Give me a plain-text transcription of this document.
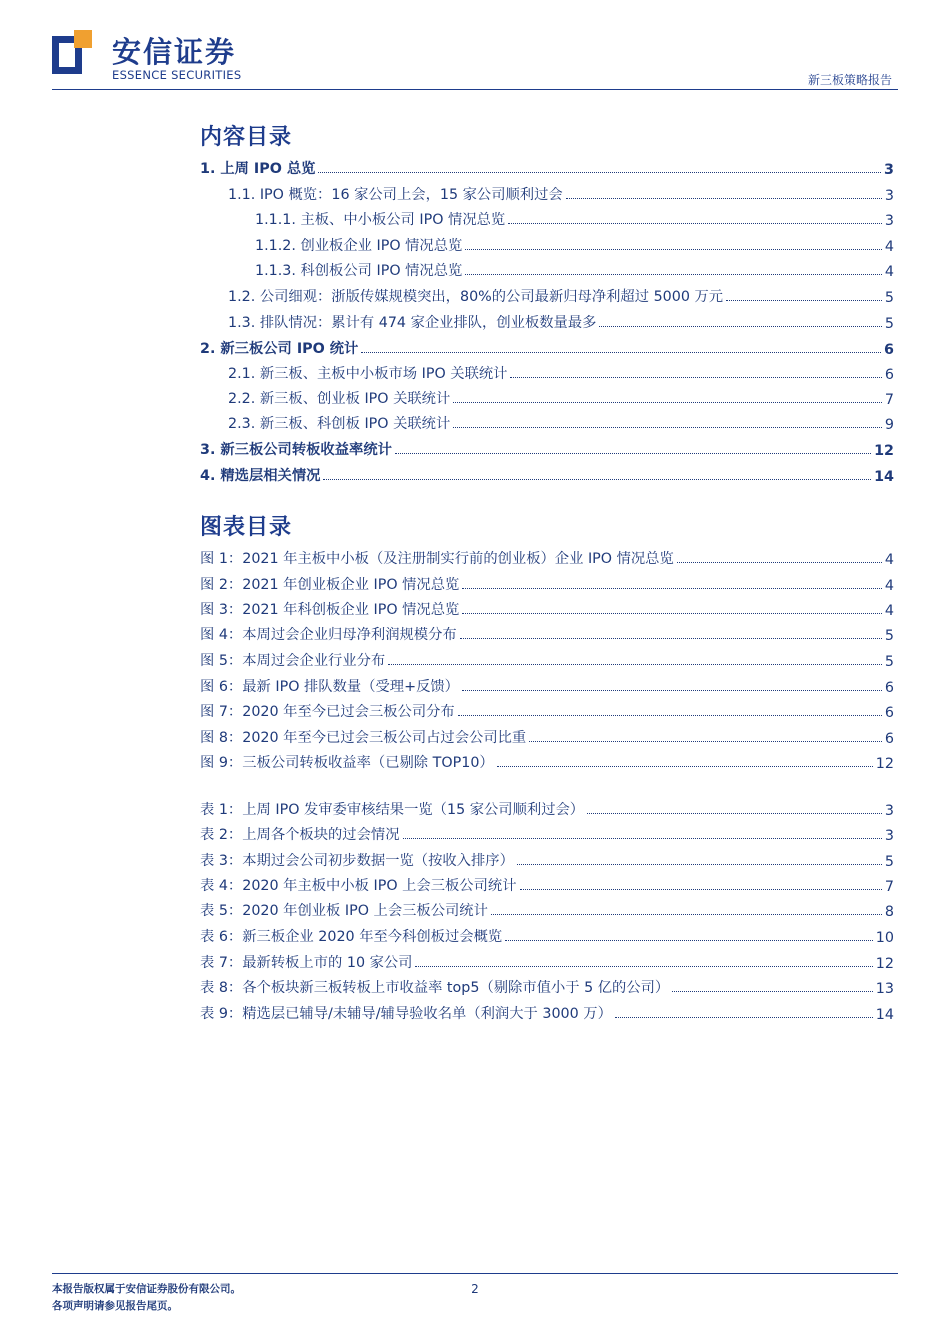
安信证券
ESSENCE SECURITIES	新三板策略报告
内容目录
1. 上周 IPO 总览	3
1.1. IPO 概览：16 家公司上会，15 家公司顺利过会	3
1.1.1. 主板、中小板公司 IPO 情况总览	3
1.1.2. 创业板企业 IPO 情况总览	4
1.1.3. 科创板公司 IPO 情况总览	4
1.2. 公司细观：浙版传媒规模突出，80%的公司最新归母净利超过 5000 万元	5
1.3. 排队情况：累计有 474 家企业排队，创业板数量最多	5
2. 新三板公司 IPO 统计	6
2.1. 新三板、主板中小板市场 IPO 关联统计	6
2.2. 新三板、创业板 IPO 关联统计	7
2.3. 新三板、科创板 IPO 关联统计	9
3. 新三板公司转板收益率统计	12
4. 精选层相关情况	14
图表目录
图 1：2021 年主板中小板（及注册制实行前的创业板）企业 IPO 情况总览	4
图 2：2021 年创业板企业 IPO 情况总览	4
图 3：2021 年科创板企业 IPO 情况总览	4
图 4：本周过会企业归母净利润规模分布	5
图 5：本周过会企业行业分布	5
图 6：最新 IPO 排队数量（受理+反馈）	6
图 7：2020 年至今已过会三板公司分布	6
图 8：2020 年至今已过会三板公司占过会公司比重	6
图 9：三板公司转板收益率（已剔除 TOP10）	12
表 1：上周 IPO 发审委审核结果一览（15 家公司顺利过会）	3
表 2：上周各个板块的过会情况	3
表 3：本期过会公司初步数据一览（按收入排序）	5
表 4：2020 年主板中小板 IPO 上会三板公司统计	7
表 5：2020 年创业板 IPO 上会三板公司统计	8
表 6：新三板企业 2020 年至今科创板过会概览	10
表 7：最新转板上市的 10 家公司	12
表 8：各个板块新三板转板上市收益率 top5（剔除市值小于 5 亿的公司）	13
表 9：精选层已辅导/未辅导/辅导验收名单（利润大于 3000 万）	14
本报告版权属于安信证券股份有限公司。
各项声明请参见报告尾页。
2
